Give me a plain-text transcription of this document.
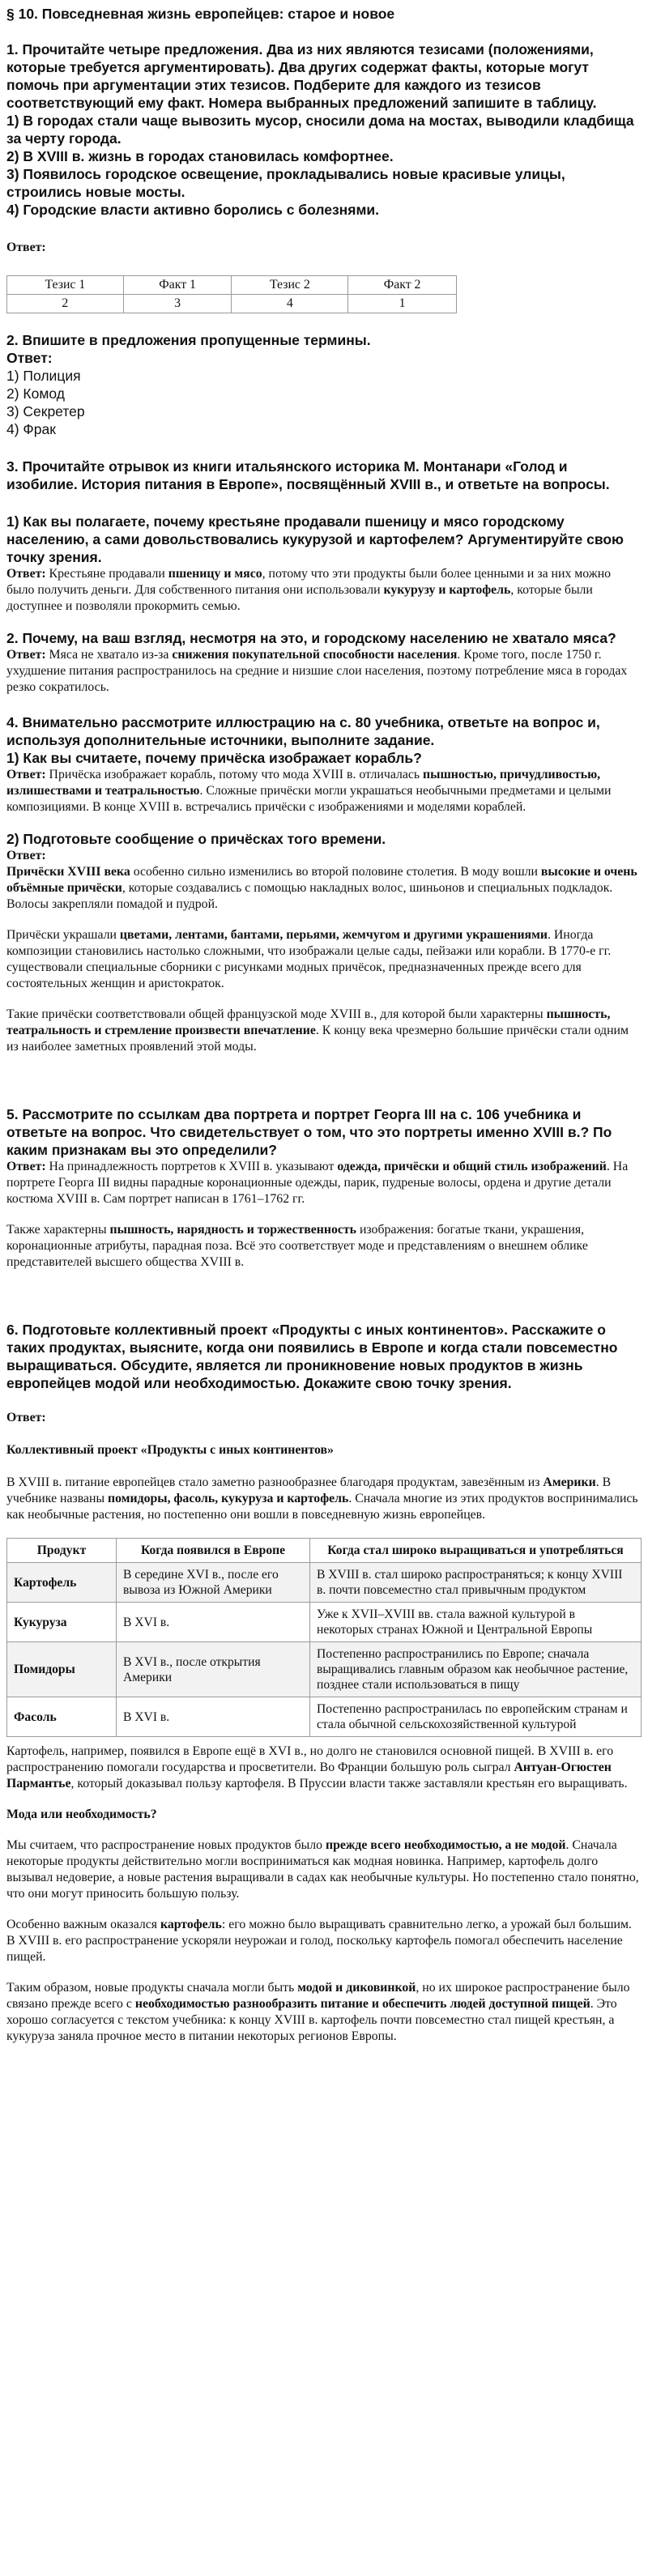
§ 10. Повседневная жизнь европейцев: старое и новое
1. Прочитайте четыре предложения. Два из них являются тезисами (положениями, которые требуется аргументировать). Два других содержат факты, которые могут помочь при аргументации этих тезисов. Подберите для каждого из тезисов соответствующий ему факт. Номера выбранных предложений запишите в таблицу.
1) В городах стали чаще вывозить мусор, сносили дома на мостах, выводили кладбища за черту города.
2) В XVIII в. жизнь в городах становилась комфортнее.
3) Появилось городское освещение, прокладывались новые красивые улицы, строились новые мосты.
4) Городские власти активно боролись с болезнями.
Ответ:
Тезис 1	Факт 1	Тезис 2	Факт 2
2	3	4	1
2. Впишите в предложения пропущенные термины.
Ответ:
1) Полиция
2) Комод
3) Секретер
4) Фрак
3. Прочитайте отрывок из книги итальянского историка М. Монтанари «Голод и изобилие. История питания в Европе», посвящённый XVIII в., и ответьте на вопросы.
1) Как вы полагаете, почему крестьяне продавали пшеницу и мясо городскому населению, а сами довольствовались кукурузой и картофелем? Аргументируйте свою точку зрения.
Ответ: Крестьяне продавали пшеницу и мясо, потому что эти продукты были более ценными и за них можно было получить деньги. Для собственного питания они использовали кукурузу и картофель, которые были доступнее и позволяли прокормить семью.
2. Почему, на ваш взгляд, несмотря на это, и городскому населению не хватало мяса?
Ответ: Мяса не хватало из-за снижения покупательной способности населения. Кроме того, после 1750 г. ухудшение питания распространилось на средние и низшие слои населения, поэтому потребление мяса в городах резко сократилось.
4. Внимательно рассмотрите иллюстрацию на с. 80 учебника, ответьте на вопрос и, используя дополнительные источники, выполните задание.
1) Как вы считаете, почему причёска изображает корабль?
Ответ: Причёска изображает корабль, потому что мода XVIII в. отличалась пышностью, причудливостью, излишествами и театральностью. Сложные причёски могли украшаться необычными предметами и целыми композициями. В конце XVIII в. встречались причёски с изображениями и моделями кораблей.
2) Подготовьте сообщение о причёсках того времени.
Ответ:
Причёски XVIII века особенно сильно изменились во второй половине столетия. В моду вошли высокие и очень объёмные причёски, которые создавались с помощью накладных волос, шиньонов и специальных подкладок. Волосы закрепляли помадой и пудрой.
Причёски украшали цветами, лентами, бантами, перьями, жемчугом и другими украшениями. Иногда композиции становились настолько сложными, что изображали целые сады, пейзажи или корабли. В 1770-е гг. существовали специальные сборники с рисунками модных причёсок, предназначенных прежде всего для состоятельных женщин и аристократок.
Такие причёски соответствовали общей французской моде XVIII в., для которой были характерны пышность, театральность и стремление произвести впечатление. К концу века чрезмерно большие причёски стали одним из наиболее заметных проявлений этой моды.
5. Рассмотрите по ссылкам два портрета и портрет Георга III на с. 106 учебника и ответьте на вопрос. Что свидетельствует о том, что это портреты именно XVIII в.? По каким признакам вы это определили?
Ответ: На принадлежность портретов к XVIII в. указывают одежда, причёски и общий стиль изображений. На портрете Георга III видны парадные коронационные одежды, парик, пудреные волосы, ордена и другие детали костюма XVIII в. Сам портрет написан в 1761–1762 гг.
Также характерны пышность, нарядность и торжественность изображения: богатые ткани, украшения, коронационные атрибуты, парадная поза. Всё это соответствует моде и представлениям о внешнем облике представителей высшего общества XVIII в.
6. Подготовьте коллективный проект «Продукты с иных континентов». Расскажите о таких продуктах, выясните, когда они появились в Европе и когда стали повсеместно выращиваться. Обсудите, является ли проникновение новых продуктов в жизнь европейцев модой или необходимостью. Докажите свою точку зрения.
Ответ:
Коллективный проект «Продукты с иных континентов»
В XVIII в. питание европейцев стало заметно разнообразнее благодаря продуктам, завезённым из Америки. В учебнике названы помидоры, фасоль, кукуруза и картофель. Сначала многие из этих продуктов воспринимались как необычные растения, но постепенно они вошли в повседневную жизнь европейцев.
Продукт	Когда появился в Европе	Когда стал широко выращиваться и употребляться
Картофель	В середине XVI в., после его вывоза из Южной Америки	В XVIII в. стал широко распространяться; к концу XVIII в. почти повсеместно стал привычным продуктом
Кукуруза	В XVI в.	Уже к XVII–XVIII вв. стала важной культурой в некоторых странах Южной и Центральной Европы
Помидоры	В XVI в., после открытия Америки	Постепенно распространились по Европе; сначала выращивались главным образом как необычное растение, позднее стали использоваться в пищу
Фасоль	В XVI в.	Постепенно распространилась по европейским странам и стала обычной сельскохозяйственной культурой
Картофель, например, появился в Европе ещё в XVI в., но долго не становился основной пищей. В XVIII в. его распространению помогали государства и просветители. Во Франции большую роль сыграл Антуан-Огюстен Пармантье, который доказывал пользу картофеля. В Пруссии власти также заставляли крестьян его выращивать.
Мода или необходимость?
Мы считаем, что распространение новых продуктов было прежде всего необходимостью, а не модой. Сначала некоторые продукты действительно могли восприниматься как модная новинка. Например, картофель долго вызывал недоверие, а новые растения выращивали в садах как необычные культуры. Но постепенно стало понятно, что они могут приносить большую пользу.
Особенно важным оказался картофель: его можно было выращивать сравнительно легко, а урожай был большим. В XVIII в. его распространение ускоряли неурожаи и голод, поскольку картофель помогал обеспечить население пищей.
Таким образом, новые продукты сначала могли быть модой и диковинкой, но их широкое распространение было связано прежде всего с необходимостью разнообразить питание и обеспечить людей доступной пищей. Это хорошо согласуется с текстом учебника: к концу XVIII в. картофель почти повсеместно стал пищей крестьян, а кукуруза заняла прочное место в питании некоторых регионов Европы.
